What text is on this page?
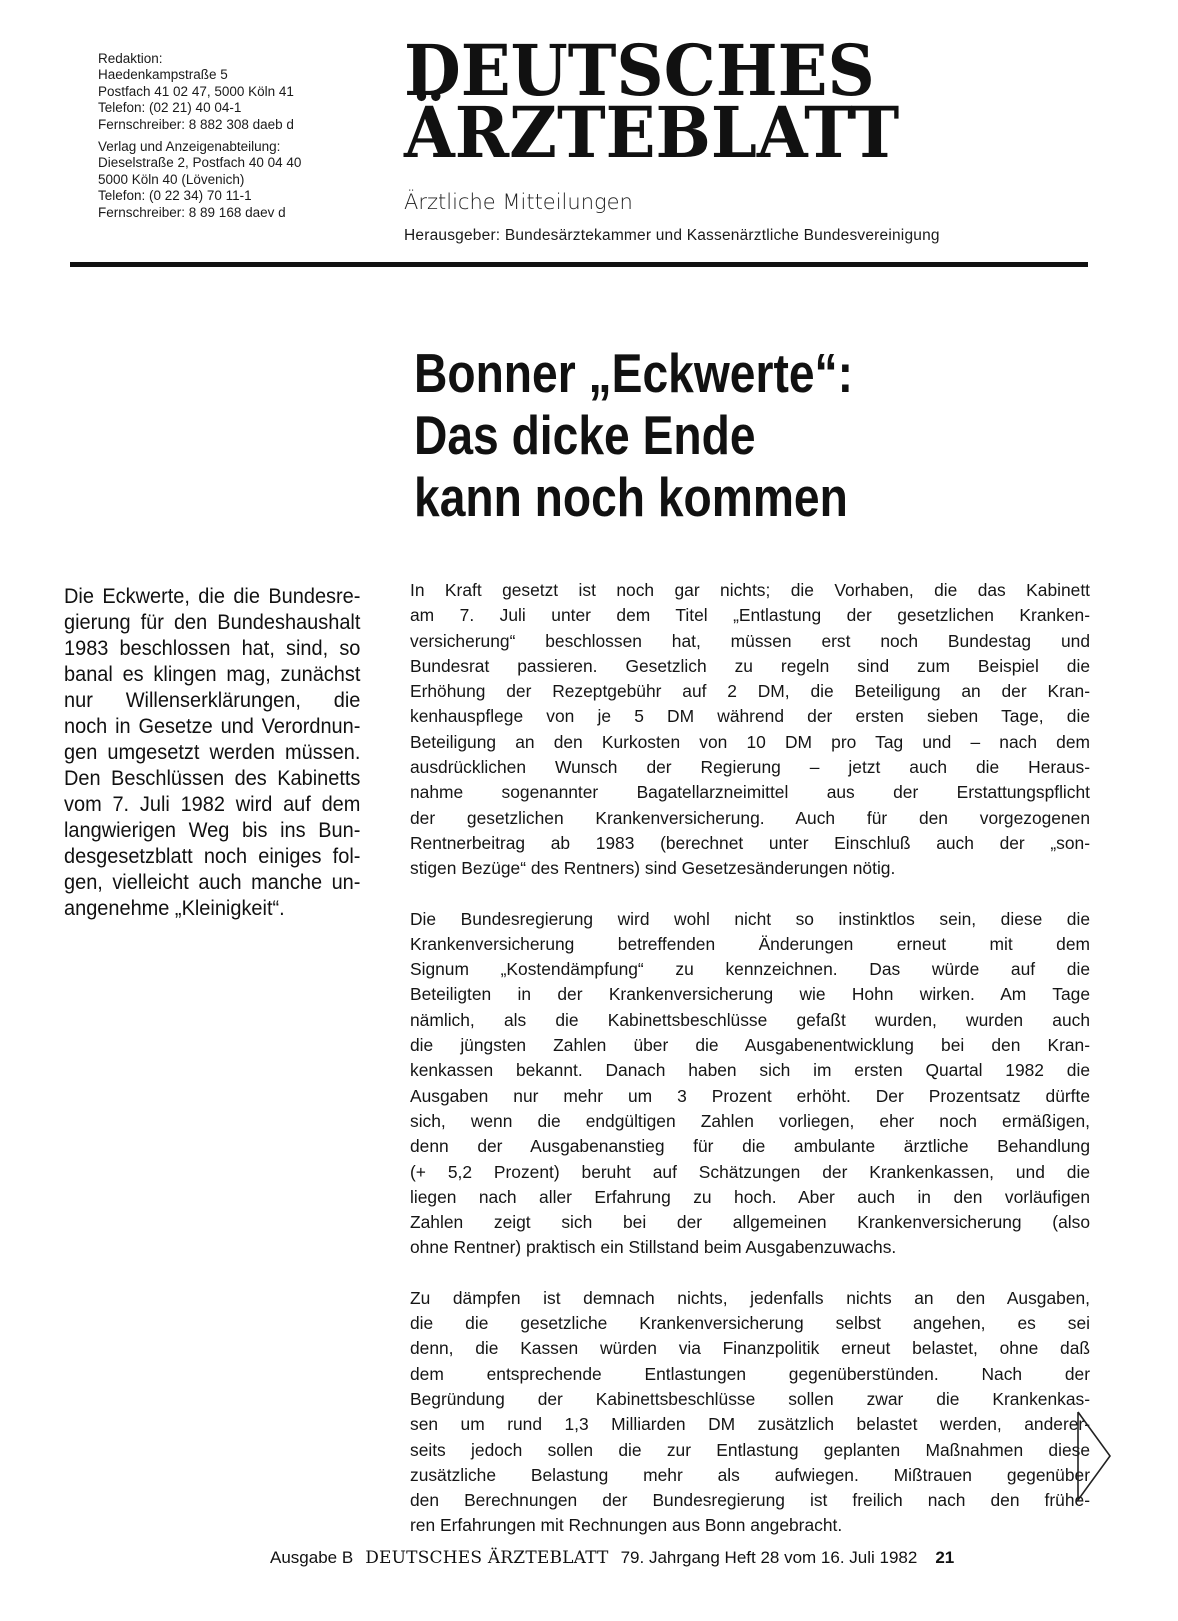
Redaktion:
Haedenkampstraße 5
Postfach 41 02 47, 5000 Köln 41
Telefon: (02 21) 40 04-1
Fernschreiber: 8 882 308 daeb d
Verlag und Anzeigenabteilung:
Dieselstraße 2, Postfach 40 04 40
5000 Köln 40 (Lövenich)
Telefon: (0 22 34) 70 11-1
Fernschreiber: 8 89 168 daev d
DEUTSCHES
ÄRZTEBLATT
Ärztliche Mitteilungen
Herausgeber: Bundesärztekammer und Kassenärztliche Bundesvereinigung
Bonner „Eckwerte“:
Das dicke Ende
kann noch kommen
Die Eckwerte, die die Bundesre-
gierung für den Bundeshaushalt
1983 beschlossen hat, sind, so
banal es klingen mag, zunächst
nur Willenserklärungen, die
noch in Gesetze und Verordnun-
gen umgesetzt werden müssen.
Den Beschlüssen des Kabinetts
vom 7. Juli 1982 wird auf dem
langwierigen Weg bis ins Bun-
desgesetzblatt noch einiges fol-
gen, vielleicht auch manche un-
angenehme „Kleinigkeit“.
In Kraft gesetzt ist noch gar nichts; die Vorhaben, die das Kabinett
am 7. Juli unter dem Titel „Entlastung der gesetzlichen Kranken-
versicherung“ beschlossen hat, müssen erst noch Bundestag und
Bundesrat passieren. Gesetzlich zu regeln sind zum Beispiel die
Erhöhung der Rezeptgebühr auf 2 DM, die Beteiligung an der Kran-
kenhauspflege von je 5 DM während der ersten sieben Tage, die
Beteiligung an den Kurkosten von 10 DM pro Tag und – nach dem
ausdrücklichen Wunsch der Regierung – jetzt auch die Heraus-
nahme sogenannter Bagatellarzneimittel aus der Erstattungspflicht
der gesetzlichen Krankenversicherung. Auch für den vorgezogenen
Rentnerbeitrag ab 1983 (berechnet unter Einschluß auch der „son-
stigen Bezüge“ des Rentners) sind Gesetzesänderungen nötig.
Die Bundesregierung wird wohl nicht so instinktlos sein, diese die
Krankenversicherung betreffenden Änderungen erneut mit dem
Signum „Kostendämpfung“ zu kennzeichnen. Das würde auf die
Beteiligten in der Krankenversicherung wie Hohn wirken. Am Tage
nämlich, als die Kabinettsbeschlüsse gefaßt wurden, wurden auch
die jüngsten Zahlen über die Ausgabenentwicklung bei den Kran-
kenkassen bekannt. Danach haben sich im ersten Quartal 1982 die
Ausgaben nur mehr um 3 Prozent erhöht. Der Prozentsatz dürfte
sich, wenn die endgültigen Zahlen vorliegen, eher noch ermäßigen,
denn der Ausgabenanstieg für die ambulante ärztliche Behandlung
(+ 5,2 Prozent) beruht auf Schätzungen der Krankenkassen, und die
liegen nach aller Erfahrung zu hoch. Aber auch in den vorläufigen
Zahlen zeigt sich bei der allgemeinen Krankenversicherung (also
ohne Rentner) praktisch ein Stillstand beim Ausgabenzuwachs.
Zu dämpfen ist demnach nichts, jedenfalls nichts an den Ausgaben,
die die gesetzliche Krankenversicherung selbst angehen, es sei
denn, die Kassen würden via Finanzpolitik erneut belastet, ohne daß
dem entsprechende Entlastungen gegenüberstünden. Nach der
Begründung der Kabinettsbeschlüsse sollen zwar die Krankenkas-
sen um rund 1,3 Milliarden DM zusätzlich belastet werden, anderer-
seits jedoch sollen die zur Entlastung geplanten Maßnahmen diese
zusätzliche Belastung mehr als aufwiegen. Mißtrauen gegenüber
den Berechnungen der Bundesregierung ist freilich nach den frühe-
ren Erfahrungen mit Rechnungen aus Bonn angebracht.
Ausgabe B DEUTSCHES ÄRZTEBLATT 79. Jahrgang Heft 28 vom 16. Juli 1982 21
